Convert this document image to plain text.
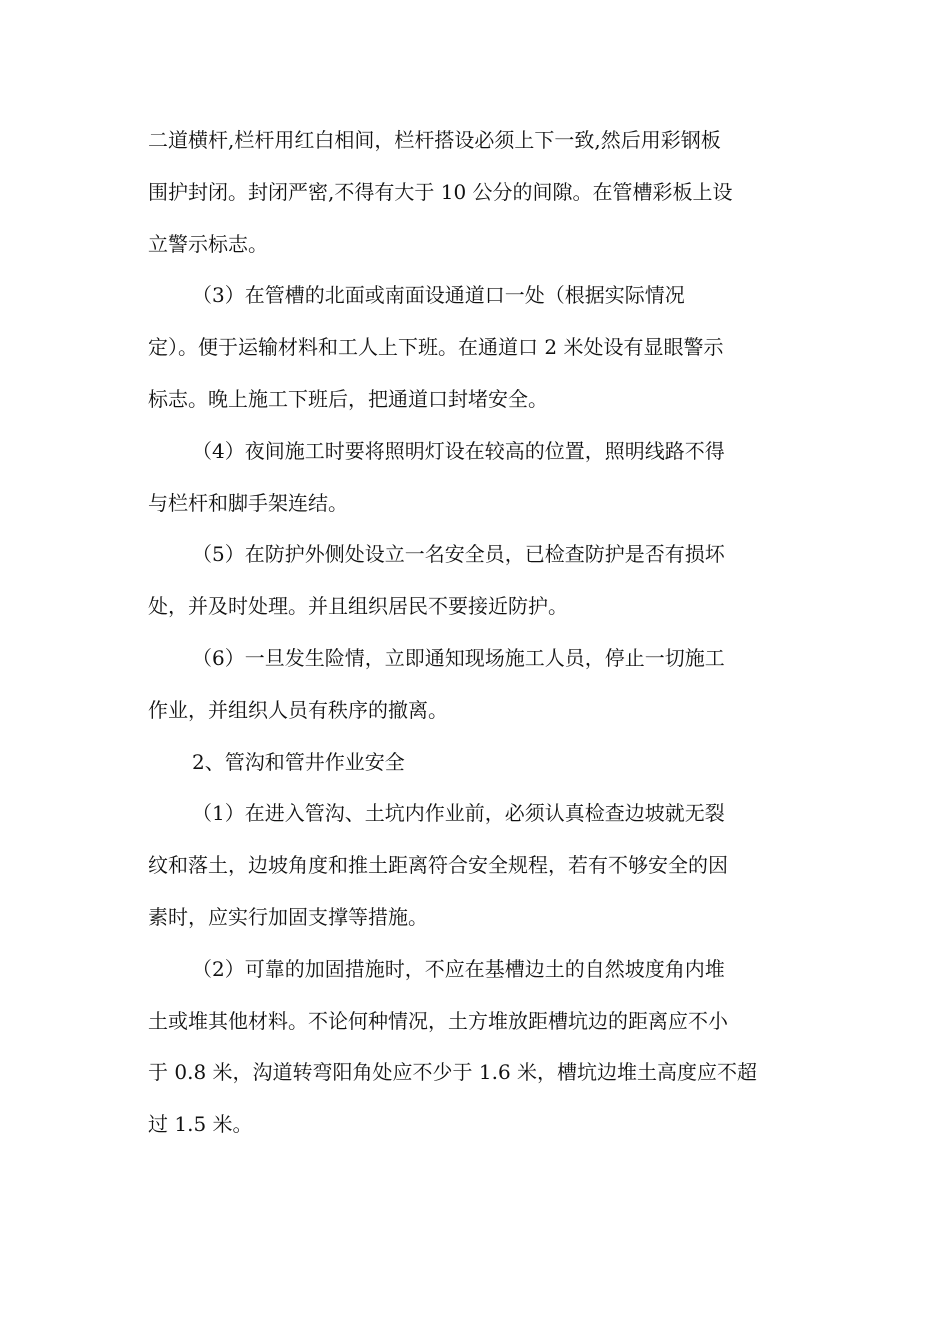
二道横杆,栏杆用红白相间，栏杆搭设必须上下一致,然后用彩钢板
围护封闭。封闭严密,不得有大于 10 公分的间隙。在管槽彩板上设
立警示标志。
（3）在管槽的北面或南面设通道口一处（根据实际情况
定）。便于运输材料和工人上下班。在通道口 2 米处设有显眼警示
标志。晚上施工下班后，把通道口封堵安全。
（4）夜间施工时要将照明灯设在较高的位置，照明线路不得
与栏杆和脚手架连结。
（5）在防护外侧处设立一名安全员，已检查防护是否有损坏
处，并及时处理。并且组织居民不要接近防护。
（6）一旦发生险情，立即通知现场施工人员，停止一切施工
作业，并组织人员有秩序的撤离。
2、管沟和管井作业安全
（1）在进入管沟、土坑内作业前，必须认真检查边坡就无裂
纹和落土，边坡角度和推土距离符合安全规程，若有不够安全的因
素时，应实行加固支撑等措施。
（2）可靠的加固措施时，不应在基槽边土的自然坡度角内堆
土或堆其他材料。不论何种情况，土方堆放距槽坑边的距离应不小
于 0.8 米，沟道转弯阳角处应不少于 1.6 米，槽坑边堆土高度应不超
过 1.5 米。
